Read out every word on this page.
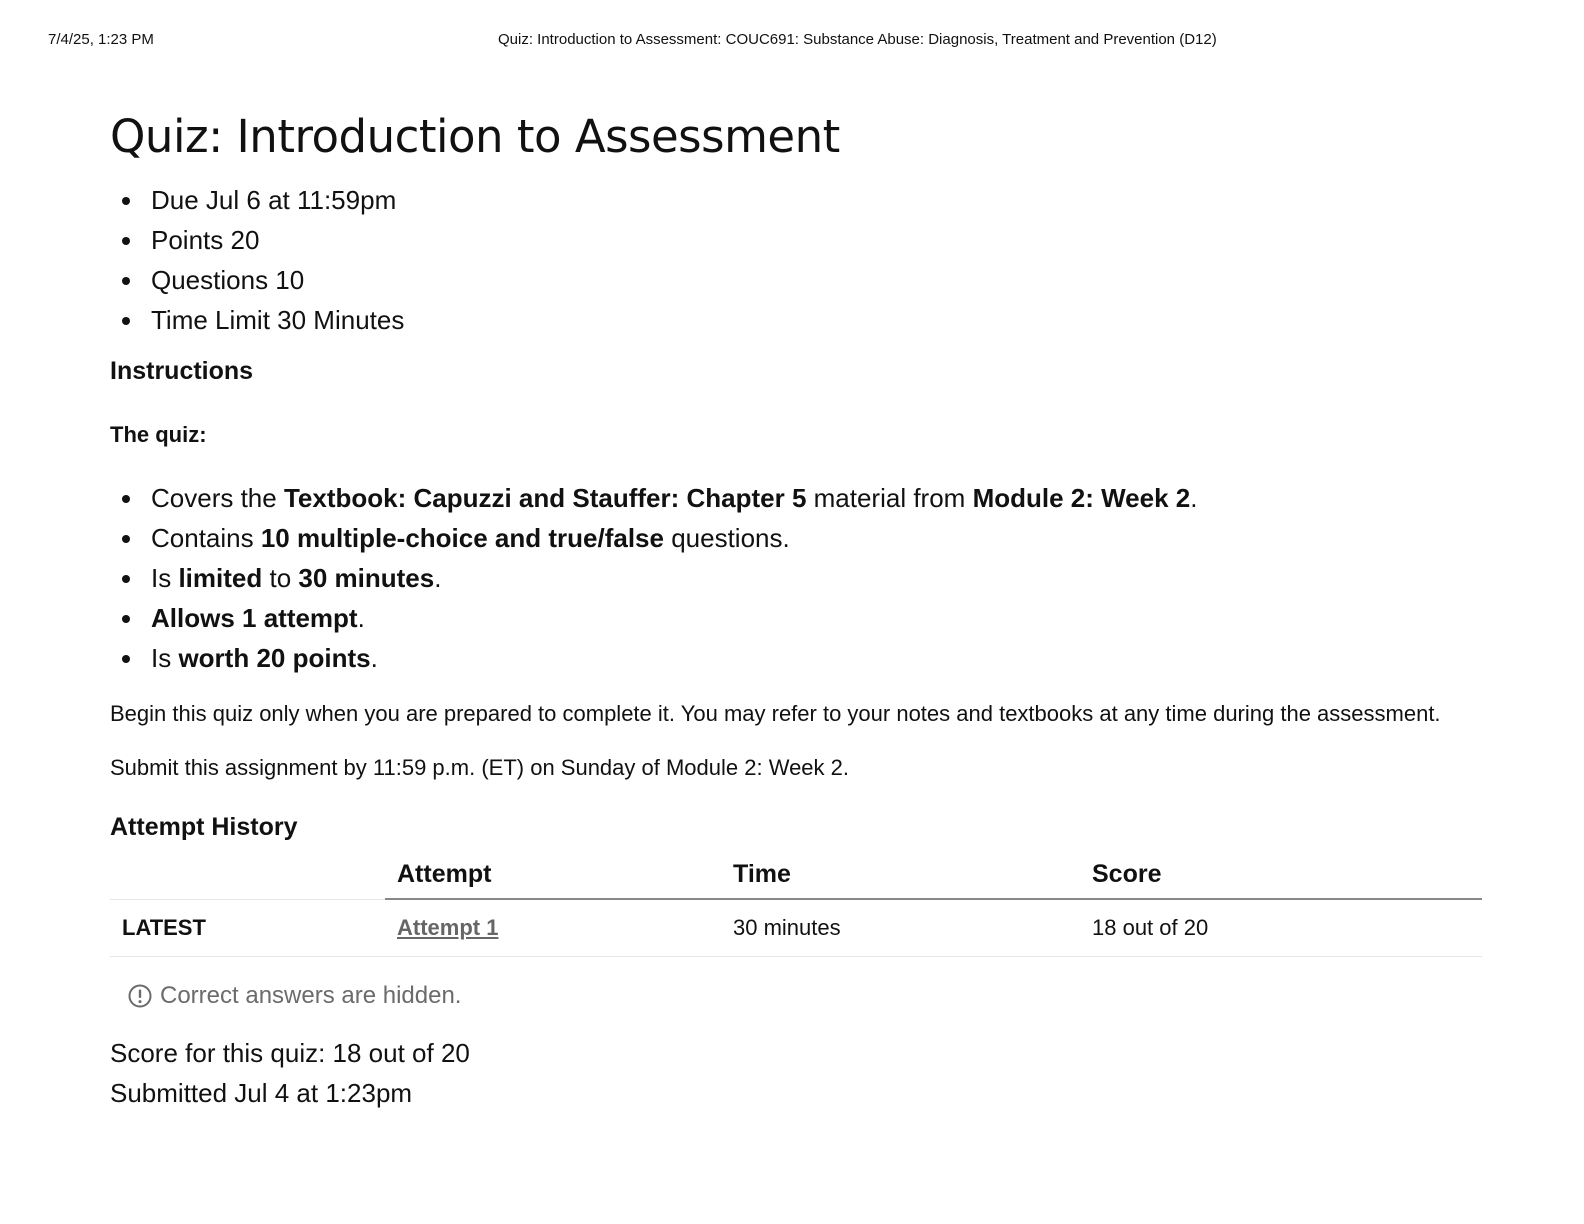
7/4/25, 1:23 PM	Quiz: Introduction to Assessment: COUC691: Substance Abuse: Diagnosis, Treatment and Prevention (D12)
Quiz: Introduction to Assessment
Due Jul 6 at 11:59pm
Points 20
Questions 10
Time Limit 30 Minutes
Instructions
The quiz:
Covers the Textbook: Capuzzi and Stauffer: Chapter 5 material from Module 2: Week 2.
Contains 10 multiple-choice and true/false questions.
Is limited to 30 minutes.
Allows 1 attempt.
Is worth 20 points.

Begin this quiz only when you are prepared to complete it. You may refer to your notes and textbooks at any time during the assessment.

Submit this assignment by 11:59 p.m. (ET) on Sunday of Module 2: Week 2.

Attempt History
	Attempt	Time	Score
LATEST	Attempt 1	30 minutes	18 out of 20
Correct answers are hidden.
Score for this quiz: 18 out of 20
Submitted Jul 4 at 1:23pm
